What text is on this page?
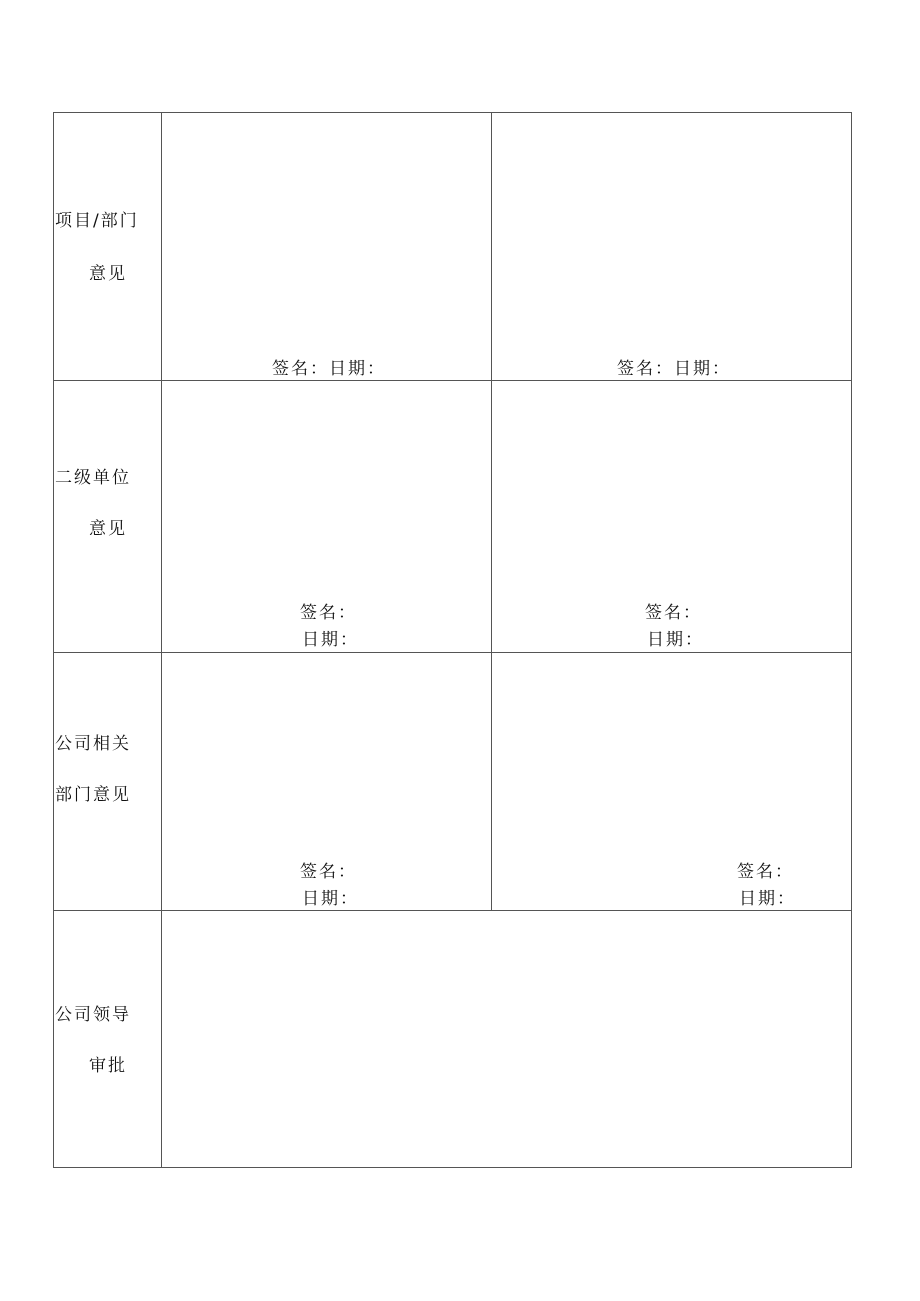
项目/部门
意见
签名：日期：	签名：日期：
二级单位
意见
签名：
日期：
签名：
日期：
公司相关
部门意见
签名：
日期：
签名：
日期：
公司领导
审批
